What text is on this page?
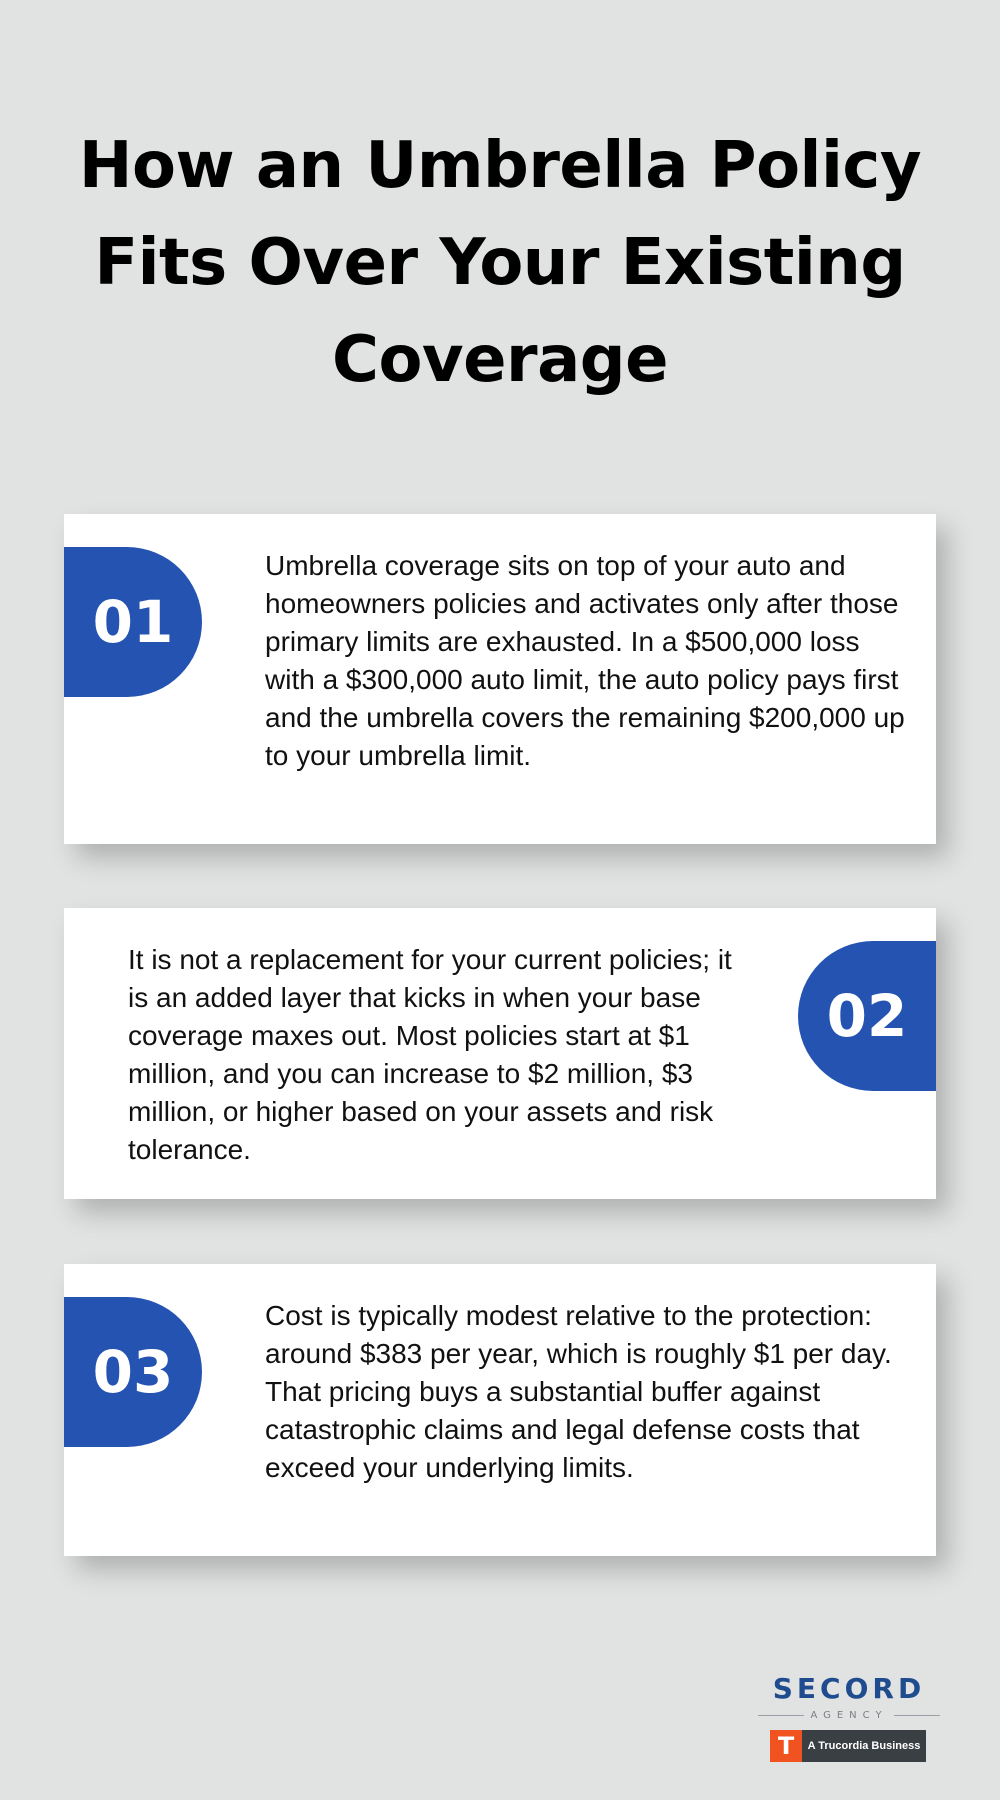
How an Umbrella Policy Fits Over Your Existing Coverage
01

Umbrella coverage sits on top of your auto and homeowners policies and activates only after those primary limits are exhausted. In a $500,000 loss with a $300,000 auto limit, the auto policy pays first and the umbrella covers the remaining $200,000 up to your umbrella limit.

02

It is not a replacement for your current policies; it is an added layer that kicks in when your base coverage maxes out. Most policies start at $1 million, and you can increase to $2 million, $3 million, or higher based on your assets and risk tolerance.

03

Cost is typically modest relative to the protection: around $383 per year, which is roughly $1 per day. That pricing buys a substantial buffer against catastrophic claims and legal defense costs that exceed your underlying limits.

SECORD
AGENCY
T	A Trucordia Business
